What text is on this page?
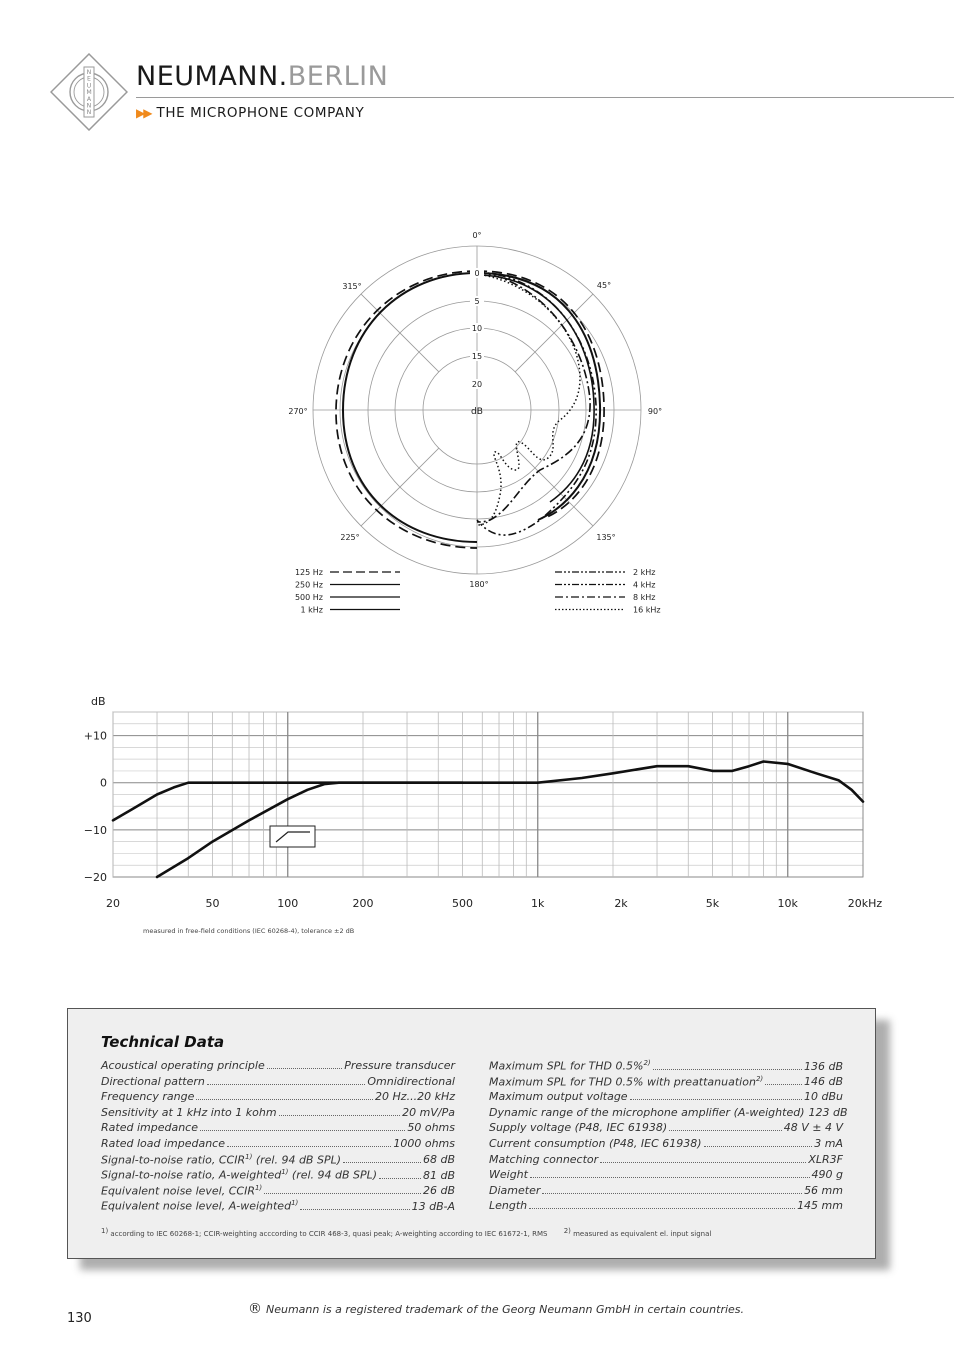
N E U M A N N
NEUMANN.BERLIN
▶▶ THE MICROPHONE COMPANY
0°
45°
90°
135°
180°
225°
270°
315°
0
5
10
15
20
dB
125 Hz
250 Hz
500 Hz
1 kHz
2 kHz
4 kHz
8 kHz
16 kHz
dB
+10
0
−10
−20
20	50	100	200	500	1k	2k	5k	10k	20kHz
measured in free-field conditions (IEC 60268-4), tolerance ±2 dB
Technical Data
Acoustical operating principle	Pressure transducer
Directional pattern	Omnidirectional
Frequency range	20 Hz...20 kHz
Sensitivity at 1 kHz into 1 kohm	20 mV/Pa
Rated impedance	50 ohms
Rated load impedance	1000 ohms
Signal-to-noise ratio, CCIR$^{1)}$ (rel. 94 dB SPL)	68 dB
Signal-to-noise ratio, A-weighted$^{1)}$ (rel. 94 dB SPL)	81 dB
Equivalent noise level, CCIR$^{1)}$	26 dB
Equivalent noise level, A-weighted$^{1)}$	13 dB-A
Maximum SPL for THD 0.5%$^{2)}$	136 dB
Maximum SPL for THD 0.5% with preattanuation$^{2)}$	146 dB
Maximum output voltage	10 dBu
Dynamic range of the microphone amplifier (A-weighted) 123 dB
Supply voltage (P48, IEC 61938)	48 V ± 4 V
Current consumption (P48, IEC 61938)	3 mA
Matching connector	XLR3F
Weight	490 g
Diameter	56 mm
Length	145 mm
$^{1)}$ according to IEC 60268-1; CCIR-weighting acccording to CCIR 468-3, quasi peak; A-weighting according to IEC 61672-1, RMS $^{2)}$ measured as equivalent el. input signal
130
® Neumann is a registered trademark of the Georg Neumann GmbH in certain countries.
